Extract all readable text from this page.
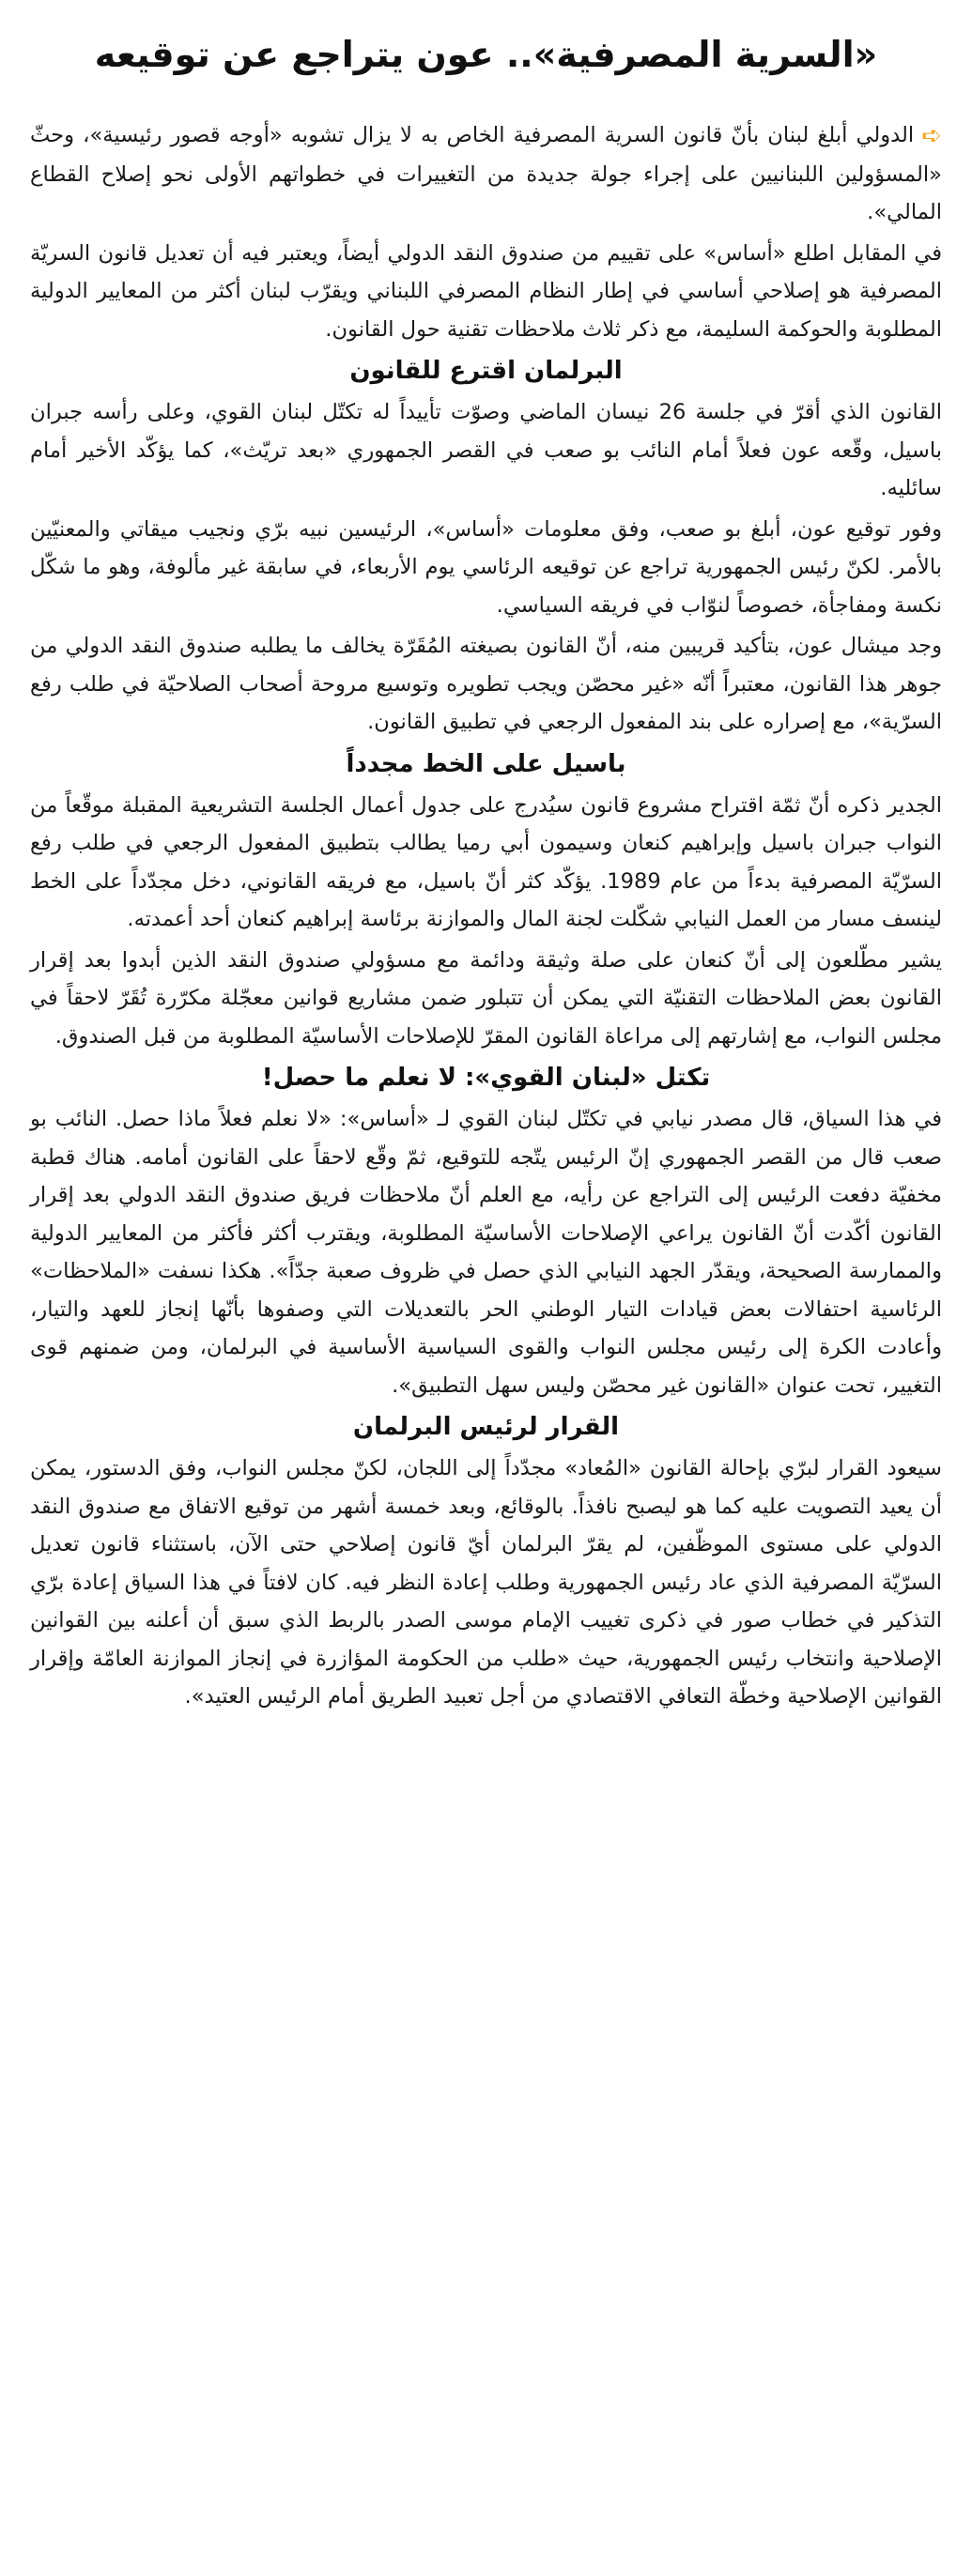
«السرية المصرفية».. عون يتراجع عن توقيعه

➪الدولي أبلغ لبنان بأنّ قانون السرية المصرفية الخاص به لا يزال تشوبه «أوجه قصور رئيسية»، وحثّ «المسؤولين اللبنانيين على إجراء جولة جديدة من التغييرات في خطواتهم الأولى نحو إصلاح القطاع المالي».

في المقابل اطلع «أساس» على تقييم من صندوق النقد الدولي أيضاً، ويعتبر فيه أن تعديل قانون السريّة المصرفية هو إصلاحي أساسي في إطار النظام المصرفي اللبناني ويقرّب لبنان أكثر من المعايير الدولية المطلوبة والحوكمة السليمة، مع ذكر ثلاث ملاحظات تقنية حول القانون.

البرلمان اقترع للقانون

القانون الذي أقرّ في جلسة 26 نيسان الماضي وصوّت تأييداً له تكتّل لبنان القوي، وعلى رأسه جبران باسيل، وقّعه عون فعلاً أمام النائب بو صعب في القصر الجمهوري «بعد تريّث»، كما يؤكّد الأخير أمام سائليه.

وفور توقيع عون، أبلغ بو صعب، وفق معلومات «أساس»، الرئيسين نبيه برّي ونجيب ميقاتي والمعنيّين بالأمر. لكنّ رئيس الجمهورية تراجع عن توقيعه الرئاسي يوم الأربعاء، في سابقة غير مألوفة، وهو ما شكّل نكسة ومفاجأة، خصوصاً لنوّاب في فريقه السياسي.

وجد ميشال عون، بتأكيد قريبين منه، أنّ القانون بصيغته المُقَرّة يخالف ما يطلبه صندوق النقد الدولي من جوهر هذا القانون، معتبراً أنّه «غير محصّن ويجب تطويره وتوسيع مروحة أصحاب الصلاحيّة في طلب رفع السرّية»، مع إصراره على بند المفعول الرجعي في تطبيق القانون.

باسيل على الخط مجدداً

الجدير ذكره أنّ ثمّة اقتراح مشروع قانون سيُدرج على جدول أعمال الجلسة التشريعية المقبلة موقّعاً من النواب جبران باسيل وإبراهيم كنعان وسيمون أبي رميا يطالب بتطبيق المفعول الرجعي في طلب رفع السرّيّة المصرفية بدءاً من عام 1989. يؤكّد كثر أنّ باسيل، مع فريقه القانوني، دخل مجدّداً على الخط لينسف مسار من العمل النيابي شكّلت لجنة المال والموازنة برئاسة إبراهيم كنعان أحد أعمدته.

يشير مطّلعون إلى أنّ كنعان على صلة وثيقة ودائمة مع مسؤولي صندوق النقد الذين أبدوا بعد إقرار القانون بعض الملاحظات التقنيّة التي يمكن أن تتبلور ضمن مشاريع قوانين معجّلة مكرّرة تُقَرّ لاحقاً في مجلس النواب، مع إشارتهم إلى مراعاة القانون المقرّ للإصلاحات الأساسيّة المطلوبة من قبل الصندوق.

تكتل «لبنان القوي»: لا نعلم ما حصل!

في هذا السياق، قال مصدر نيابي في تكتّل لبنان القوي لـ «أساس»: «لا نعلم فعلاً ماذا حصل. النائب بو صعب قال من القصر الجمهوري إنّ الرئيس يتّجه للتوقيع، ثمّ وقّع لاحقاً على القانون أمامه. هناك قطبة مخفيّة دفعت الرئيس إلى التراجع عن رأيه، مع العلم أنّ ملاحظات فريق صندوق النقد الدولي بعد إقرار القانون أكّدت أنّ القانون يراعي الإصلاحات الأساسيّة المطلوبة، ويقترب أكثر فأكثر من المعايير الدولية والممارسة الصحيحة، ويقدّر الجهد النيابي الذي حصل في ظروف صعبة جدّاً». هكذا نسفت «الملاحظات» الرئاسية احتفالات بعض قيادات التيار الوطني الحر بالتعديلات التي وصفوها بأنّها إنجاز للعهد والتيار، وأعادت الكرة إلى رئيس مجلس النواب والقوى السياسية الأساسية في البرلمان، ومن ضمنهم قوى التغيير، تحت عنوان «القانون غير محصّن وليس سهل التطبيق».

القرار لرئيس البرلمان

سيعود القرار لبرّي بإحالة القانون «المُعاد» مجدّداً إلى اللجان، لكنّ مجلس النواب، وفق الدستور، يمكن أن يعيد التصويت عليه كما هو ليصبح نافذاً. بالوقائع، وبعد خمسة أشهر من توقيع الاتفاق مع صندوق النقد الدولي على مستوى الموظّفين، لم يقرّ البرلمان أيّ قانون إصلاحي حتى الآن، باستثناء قانون تعديل السرّيّة المصرفية الذي عاد رئيس الجمهورية وطلب إعادة النظر فيه. كان لافتاً في هذا السياق إعادة برّي التذكير في خطاب صور في ذكرى تغييب الإمام موسى الصدر بالربط الذي سبق أن أعلنه بين القوانين الإصلاحية وانتخاب رئيس الجمهورية، حيث «طلب من الحكومة المؤازرة في إنجاز الموازنة العامّة وإقرار القوانين الإصلاحية وخطّة التعافي الاقتصادي من أجل تعبيد الطريق أمام الرئيس العتيد».
